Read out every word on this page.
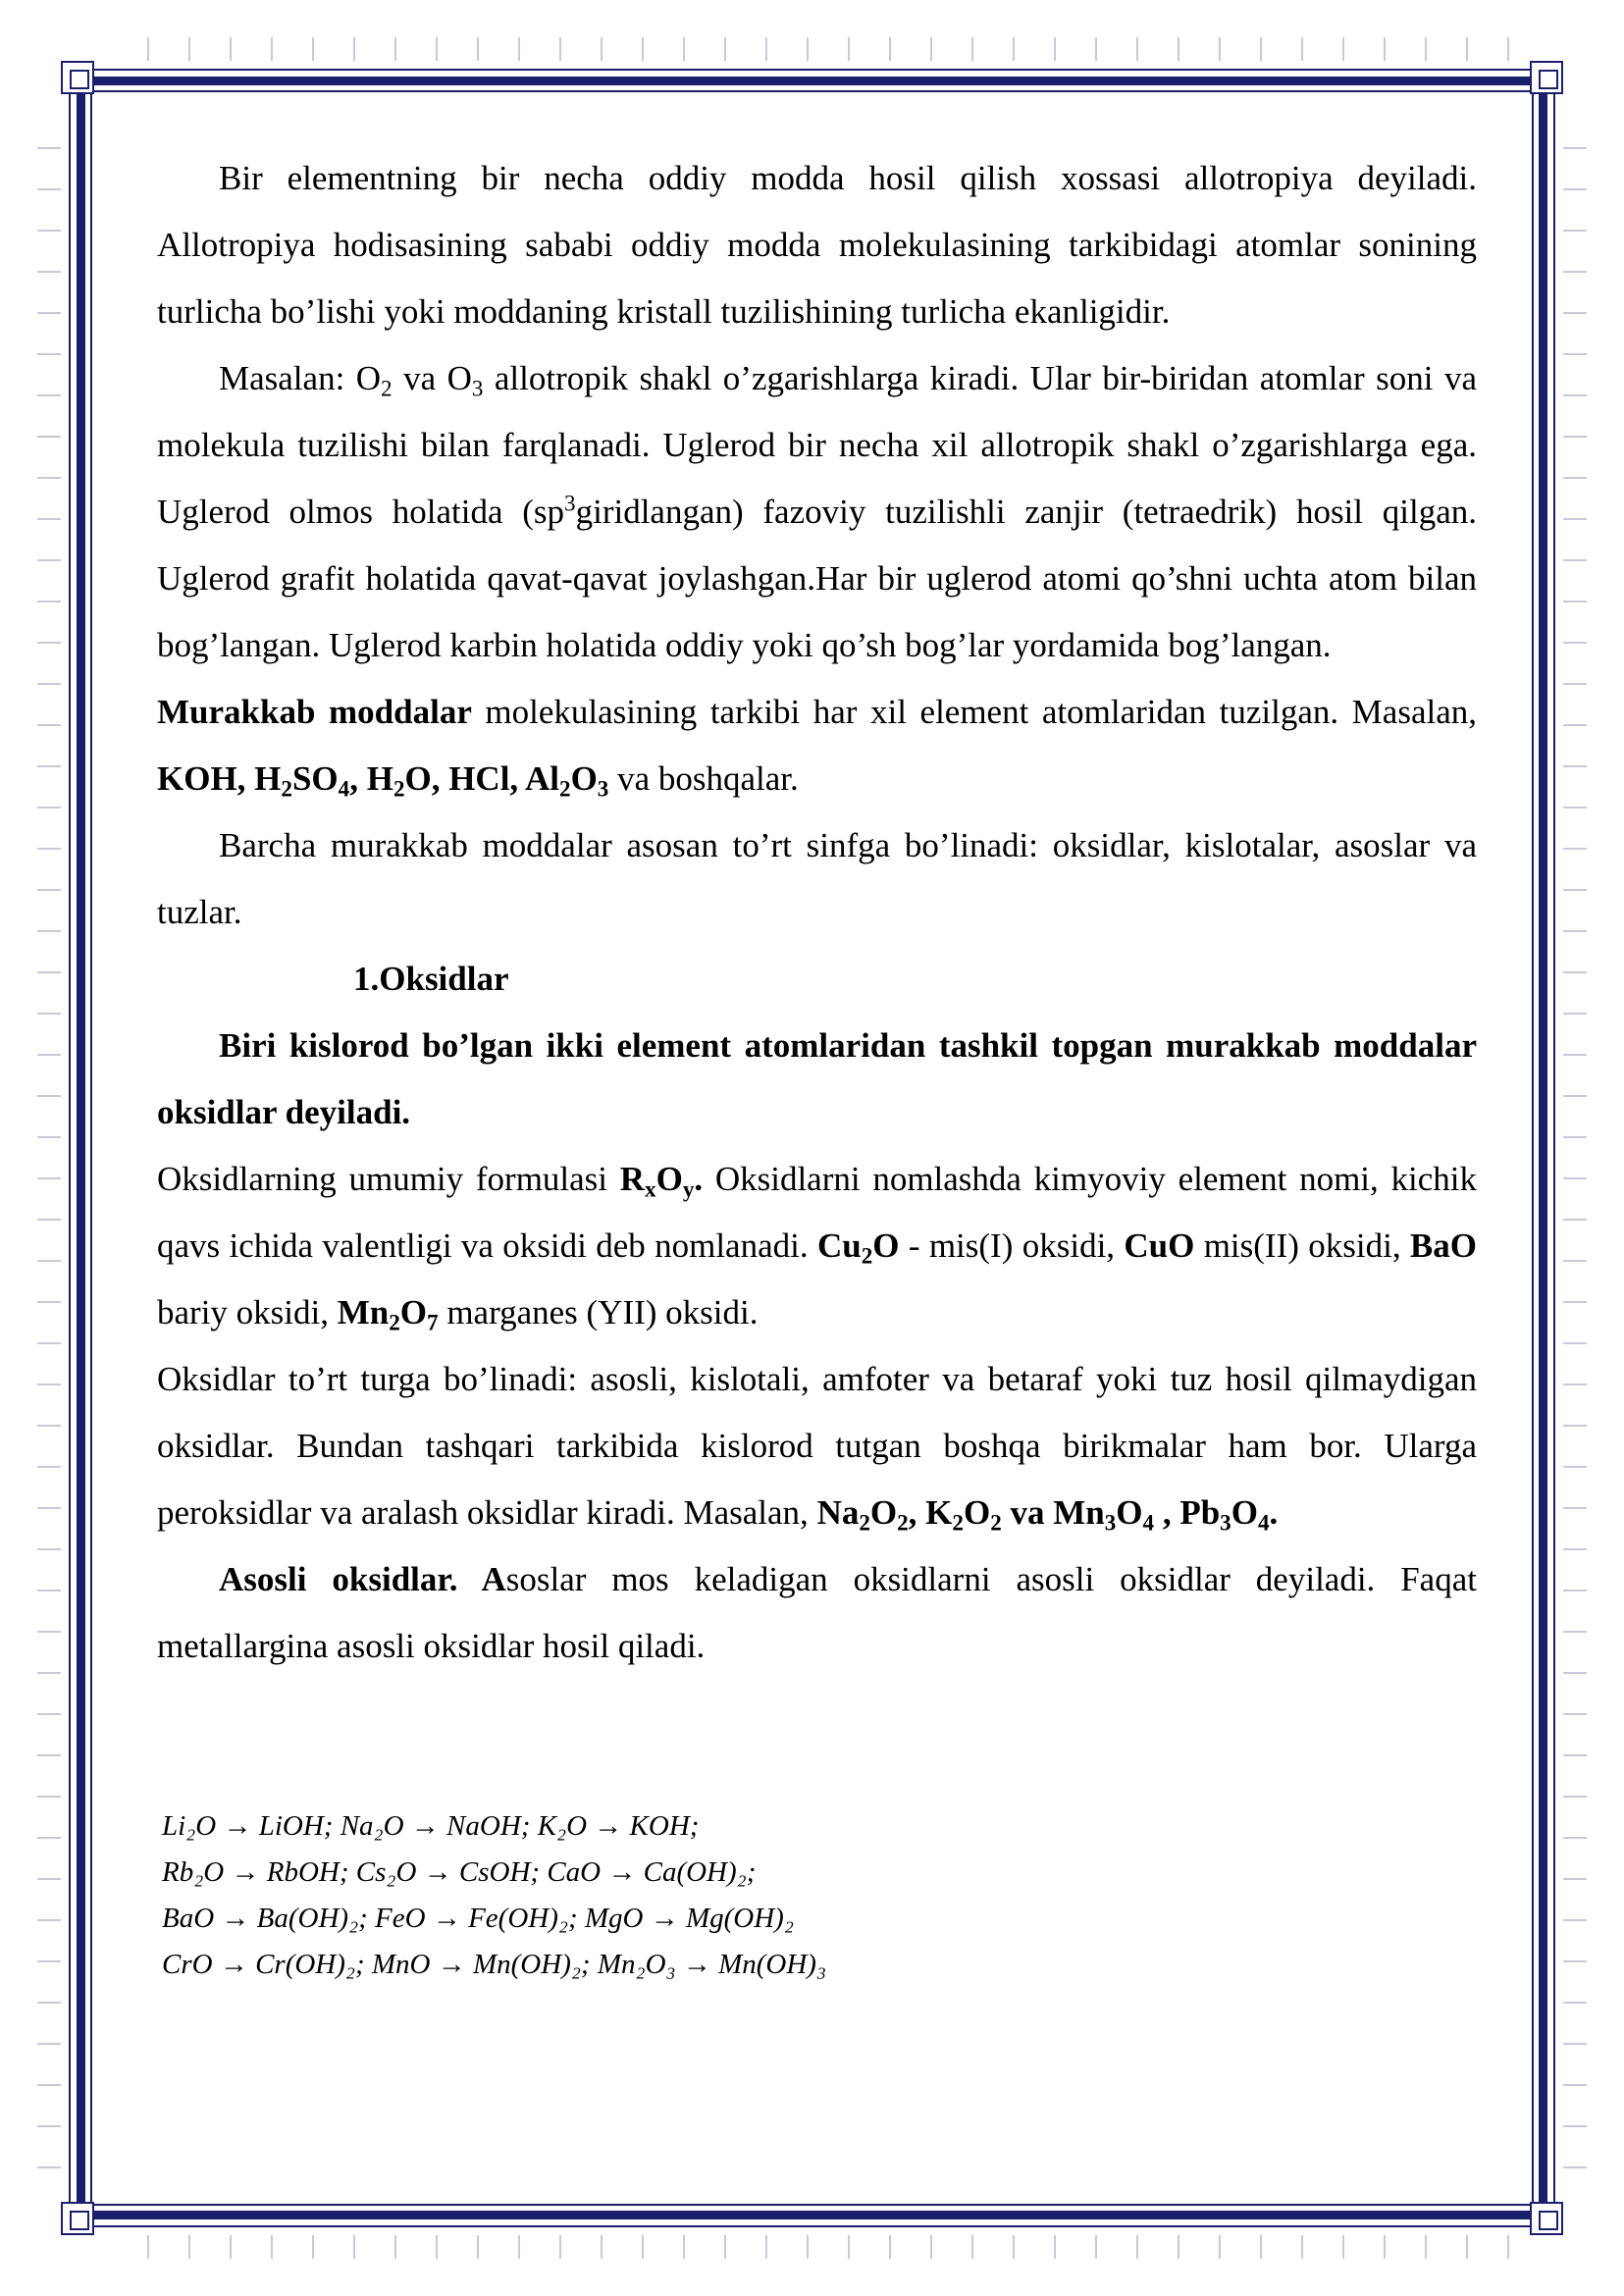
Bir elementning bir necha oddiy modda hosil qilish xossasi allotropiya deyiladi. Allotropiya hodisasining sababi oddiy modda molekulasining tarkibidagi atomlar sonining turlicha bo’lishi yoki moddaning kristall tuzilishining turlicha ekanligidir.

Masalan: $O_2$ va $O_3$ allotropik shakl o’zgarishlarga kiradi. Ular bir-biridan atomlar soni va molekula tuzilishi bilan farqlanadi. Uglerod bir necha xil allotropik shakl o’zgarishlarga ega. Uglerod olmos holatida $(sp^3giridlangan)$ fazoviy tuzilishli zanjir (tetraedrik) hosil qilgan. Uglerod grafit holatida qavat-qavat joylashgan.Har bir uglerod atomi qo’shni uchta atom bilan bog’langan. Uglerod karbin holatida oddiy yoki qo’sh bog’lar yordamida bog’langan.

Murakkab moddalar molekulasining tarkibi har xil element atomlaridan tuzilgan. Masalan, KOH, $H_2SO_4$, $H_2O$, HCl, $Al_2O_3$ va boshqalar.

Barcha murakkab moddalar asosan to’rt sinfga bo’linadi: oksidlar, kislotalar, asoslar va tuzlar.

1.Oksidlar

Biri kislorod bo’lgan ikki element atomlaridan tashkil topgan murakkab moddalar oksidlar deyiladi.

Oksidlarning umumiy formulasi $R_xO_y$. Oksidlarni nomlashda kimyoviy element nomi, kichik qavs ichida valentligi va oksidi deb nomlanadi. $Cu_2O - mis(I)$ oksidi, CuO mis(II) oksidi, BaO bariy oksidi, $Mn_2O_7$ marganes (YII) oksidi.

Oksidlar to’rt turga bo’linadi: asosli, kislotali, amfoter va betaraf yoki tuz hosil qilmaydigan oksidlar. Bundan tashqari tarkibida kislorod tutgan boshqa birikmalar ham bor. Ularga peroksidlar va aralash oksidlar kiradi. Masalan, $Na_2O_2$, $K_2O_2$ va $Mn_3O_4$ , $Pb_3O_4$.

Asosli oksidlar. Asoslar mos keladigan oksidlarni asosli oksidlar deyiladi. Faqat metallargina asosli oksidlar hosil qiladi.

Li₂O → LiOH; Na₂O → NaOH; K₂O → KOH;
Rb₂O → RbOH; Cs₂O → CsOH; CaO → Ca(OH)₂;
BaO → Ba(OH)₂; FeO → Fe(OH)₂; MgO → Mg(OH)₂
CrO → Cr(OH)₂; MnO → Mn(OH)₂; Mn₂O₃ → Mn(OH)₃
